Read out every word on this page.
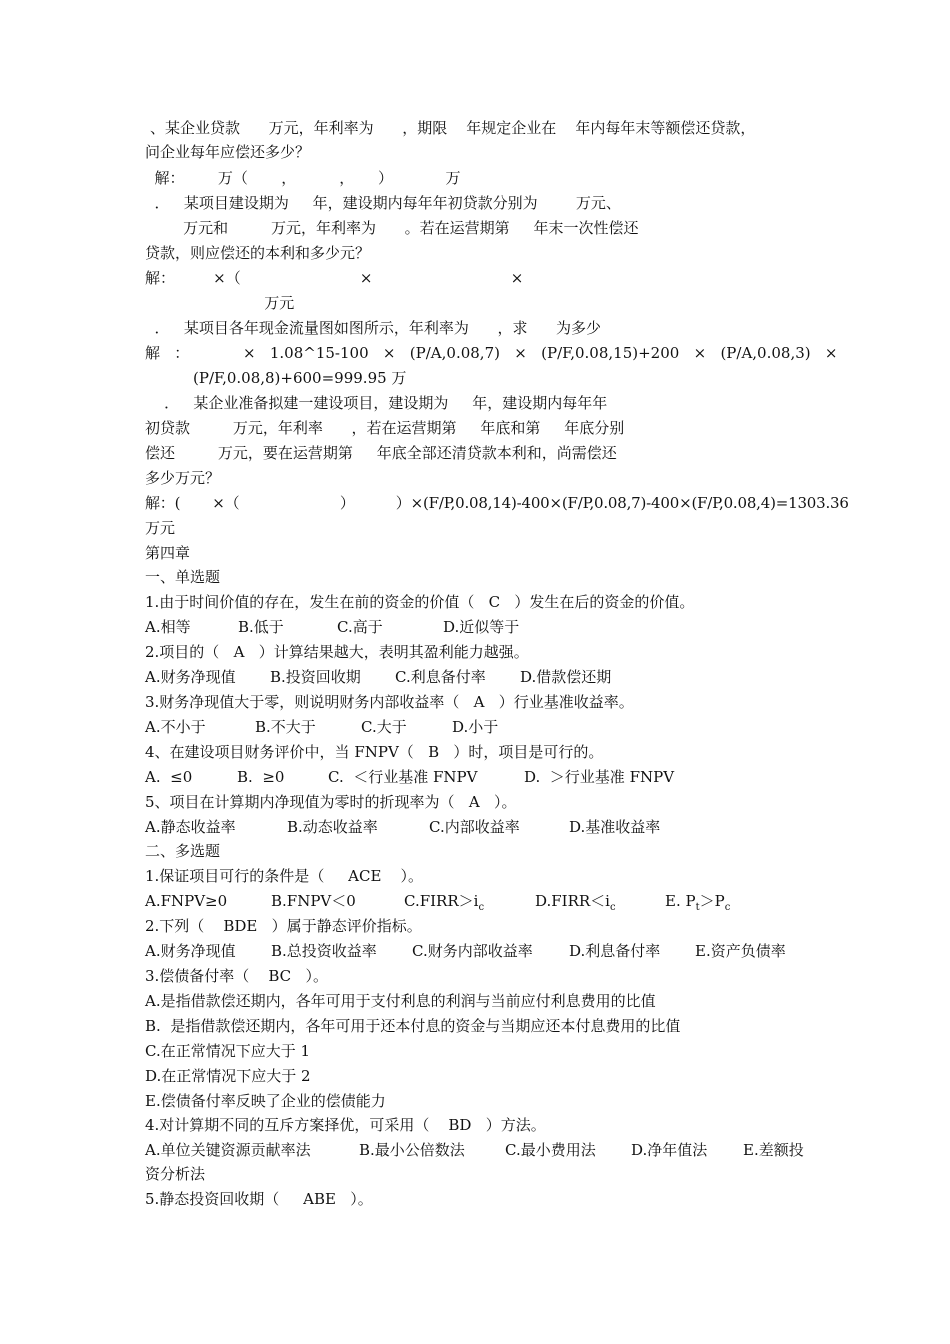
、某企业贷款      万元，年利率为      ，期限    年规定企业在    年内每年末等额偿还贷款，
问企业每年应偿还多少？
解：       万（       ，         ，     ）           万
．   某项目建设期为     年，建设期内每年年初贷款分别为        万元、
万元和         万元，年利率为      。若在运营期第     年末一次性偿还
贷款，则应偿还的本利和多少元？
解：        ×（                         ×                             ×
万元
．   某项目各年现金流量图如图所示，年利率为      ，求      为多少
解   ：	×   1.08^15-100   ×   (P/A,0.08,7)   ×   (P/F,0.08,15)+200   ×   (P/A,0.08,3)   ×
(P/F,0.08,8)+600=999.95 万
．   某企业准备拟建一建设项目，建设期为     年，建设期内每年年
初贷款         万元，年利率      ，若在运营期第     年底和第     年底分别
偿还         万元，要在运营期第     年底全部还清贷款本利和，尚需偿还
多少万元？
解：(       ×（                      ）         ）×(F/P,0.08,14)-400×(F/P,0.08,7)-400×(F/P,0.08,4)=1303.36
万元
第四章
一、单选题
1.由于时间价值的存在，发生在前的资金的价值（   C   ）发生在后的资金的价值。
A.相等	B.低于	C.高于	D.近似等于
2.项目的（   A   ）计算结果越大，表明其盈利能力越强。
A.财务净现值 B.投资回收期 C.利息备付率 D.借款偿还期
3.财务净现值大于零，则说明财务内部收益率（   A   ）行业基准收益率。
A.不小于	B.不大于	C.大于	D.小于
4、在建设项目财务评价中，当 FNPV（   B   ）时，项目是可行的。
A.  ≤0	B.  ≥0	C.  ＜行业基准 FNPV	D.  ＞行业基准 FNPV
5、项目在计算期内净现值为零时的折现率为（   A   ）。
A.静态收益率	B.动态收益率	C.内部收益率	D.基准收益率
二、多选题
1.保证项目可行的条件是（     ACE    ）。
A.FNPV≥0	B.FNPV＜0	$C.FIRR>i_c$	$D.FIRR<i_c$	E. $P_t>P_c$
2.下列（    BDE   ）属于静态评价指标。
A.财务净现值 B.总投资收益率 C.财务内部收益率 D.利息备付率 E.资产负债率
3.偿债备付率（    BC   ）。
A.是指借款偿还期内，各年可用于支付利息的利润与当前应付利息费用的比值
B.  是指借款偿还期内，各年可用于还本付息的资金与当期应还本付息费用的比值
C.在正常情况下应大于 1
D.在正常情况下应大于 2
E.偿债备付率反映了企业的偿债能力
4.对计算期不同的互斥方案择优，可采用（    BD   ）方法。
A.单位关键资源贡献率法	B.最小公倍数法	C.最小费用法 D.净年值法 E.差额投
资分析法
5.静态投资回收期（     ABE   ）。
